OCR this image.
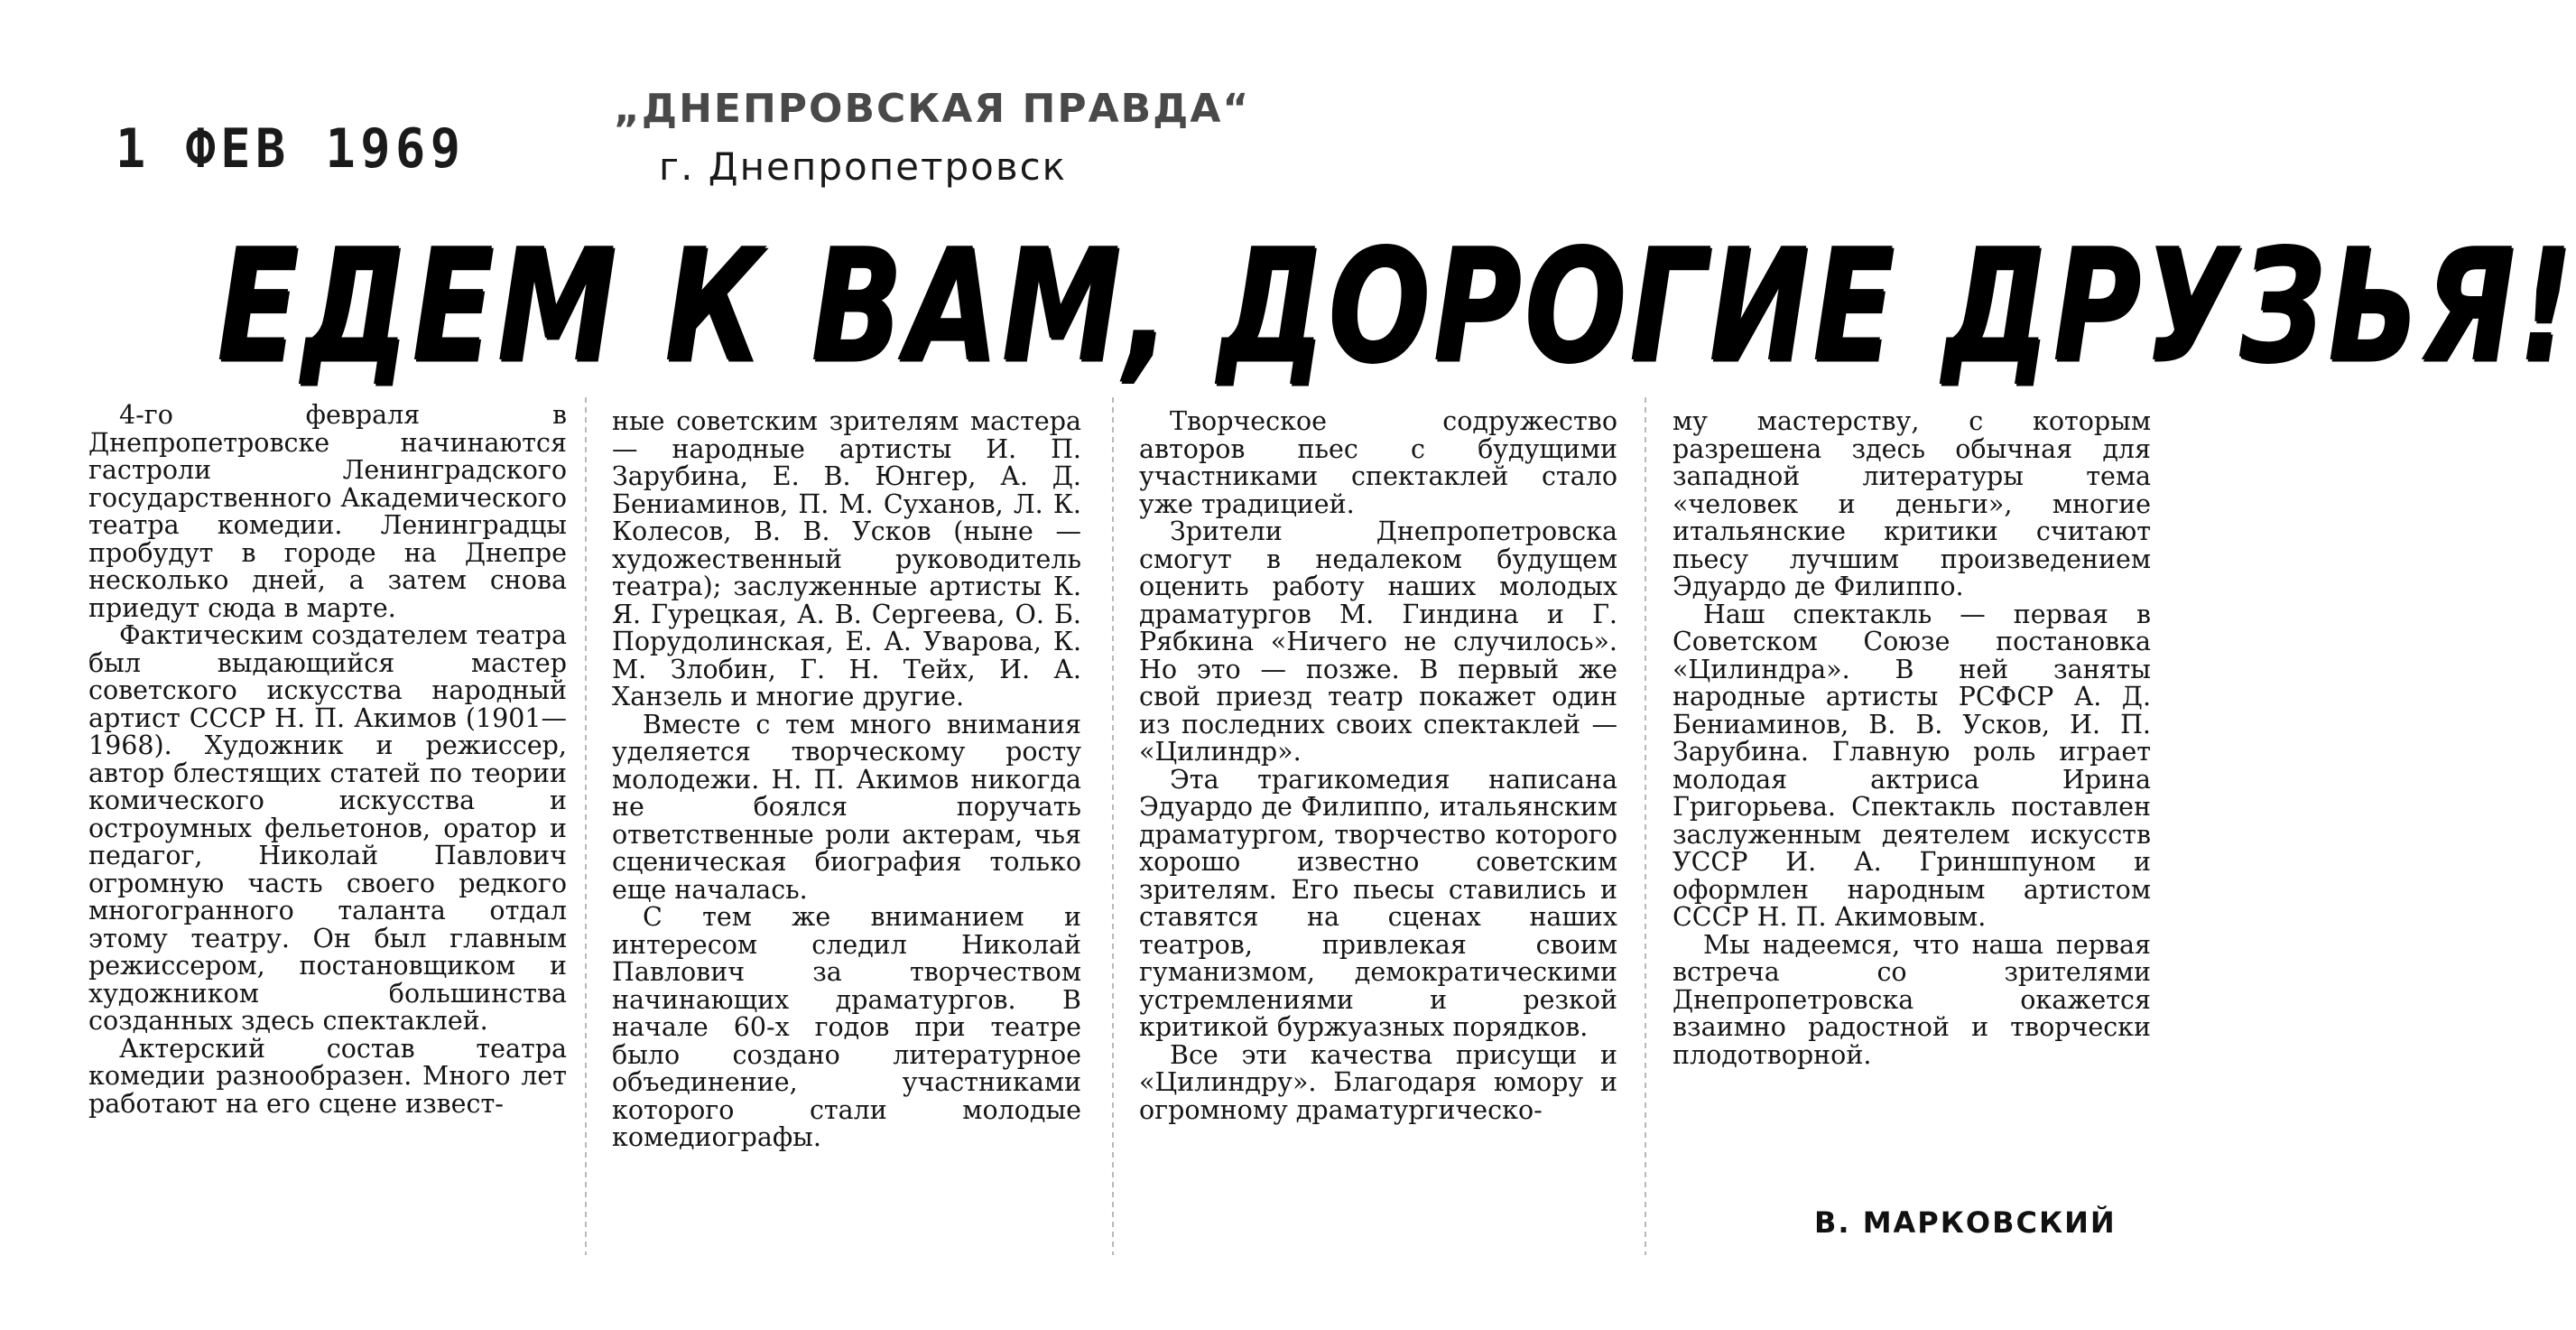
1 ФЕВ 1969
„ДНЕПРОВСКАЯ ПРАВДА“
г. Днепропетровск
ЕДЕМ К ВАМ, ДОРОГИЕ ДРУЗЬЯ!

4-го февраля в Днепропетровске начинаются гастроли Ленинградского государственного Академического театра комедии. Ленинградцы пробудут в городе на Днепре несколько дней, а затем снова приедут сюда в марте.

Фактическим создателем театра был выдающийся мастер советского искусства народный артист СССР Н. П. Акимов (1901—1968). Художник и режиссер, автор блестящих статей по теории комического искусства и остроумных фельетонов, оратор и педагог, Николай Павлович огромную часть своего редкого многогранного таланта отдал этому театру. Он был главным режиссером, постановщиком и художником большинства созданных здесь спектаклей.

Актерский состав театра комедии разнообразен. Много лет работают на его сцене извест-

ные советским зрителям мастера — народные артисты И. П. Зарубина, Е. В. Юнгер, А. Д. Бениаминов, П. М. Суханов, Л. К. Колесов, В. В. Усков (ныне — художественный руководитель театра); заслуженные артисты К. Я. Гурецкая, А. В. Сергеева, О. Б. Порудолинская, Е. А. Уварова, К. М. Злобин, Г. Н. Тейх, И. А. Ханзель и многие другие.

Вместе с тем много внимания уделяется творческому росту молодежи. Н. П. Акимов никогда не боялся поручать ответственные роли актерам, чья сценическая биография только еще началась.

С тем же вниманием и интересом следил Николай Павлович за творчеством начинающих драматургов. В начале 60-х годов при театре было создано литературное объединение, участниками которого стали молодые комедиографы.

Творческое содружество авторов пьес с будущими участниками спектаклей стало уже традицией.

Зрители Днепропетровска смогут в недалеком будущем оценить работу наших молодых драматургов М. Гиндина и Г. Рябкина «Ничего не случилось». Но это — позже. В первый же свой приезд театр покажет один из последних своих спектаклей — «Цилиндр».

Эта трагикомедия написана Эдуардо де Филиппо, итальянским драматургом, творчество которого хорошо известно советским зрителям. Его пьесы ставились и ставятся на сценах наших театров, привлекая своим гуманизмом, демократическими устремлениями и резкой критикой буржуазных порядков.

Все эти качества присущи и «Цилиндру». Благодаря юмору и огромному драматургическо-

му мастерству, с которым разрешена здесь обычная для западной литературы тема «человек и деньги», многие итальянские критики считают пьесу лучшим произведением Эдуардо де Филиппо.

Наш спектакль — первая в Советском Союзе постановка «Цилиндра». В ней заняты народные артисты РСФСР А. Д. Бениаминов, В. В. Усков, И. П. Зарубина. Главную роль играет молодая актриса Ирина Григорьева. Спектакль поставлен заслуженным деятелем искусств УССР И. А. Гриншпуном и оформлен народным артистом СССР Н. П. Акимовым.

Мы надеемся, что наша первая встреча со зрителями Днепропетровска окажется взаимно радостной и творчески плодотворной.

В. МАРКОВСКИЙ
